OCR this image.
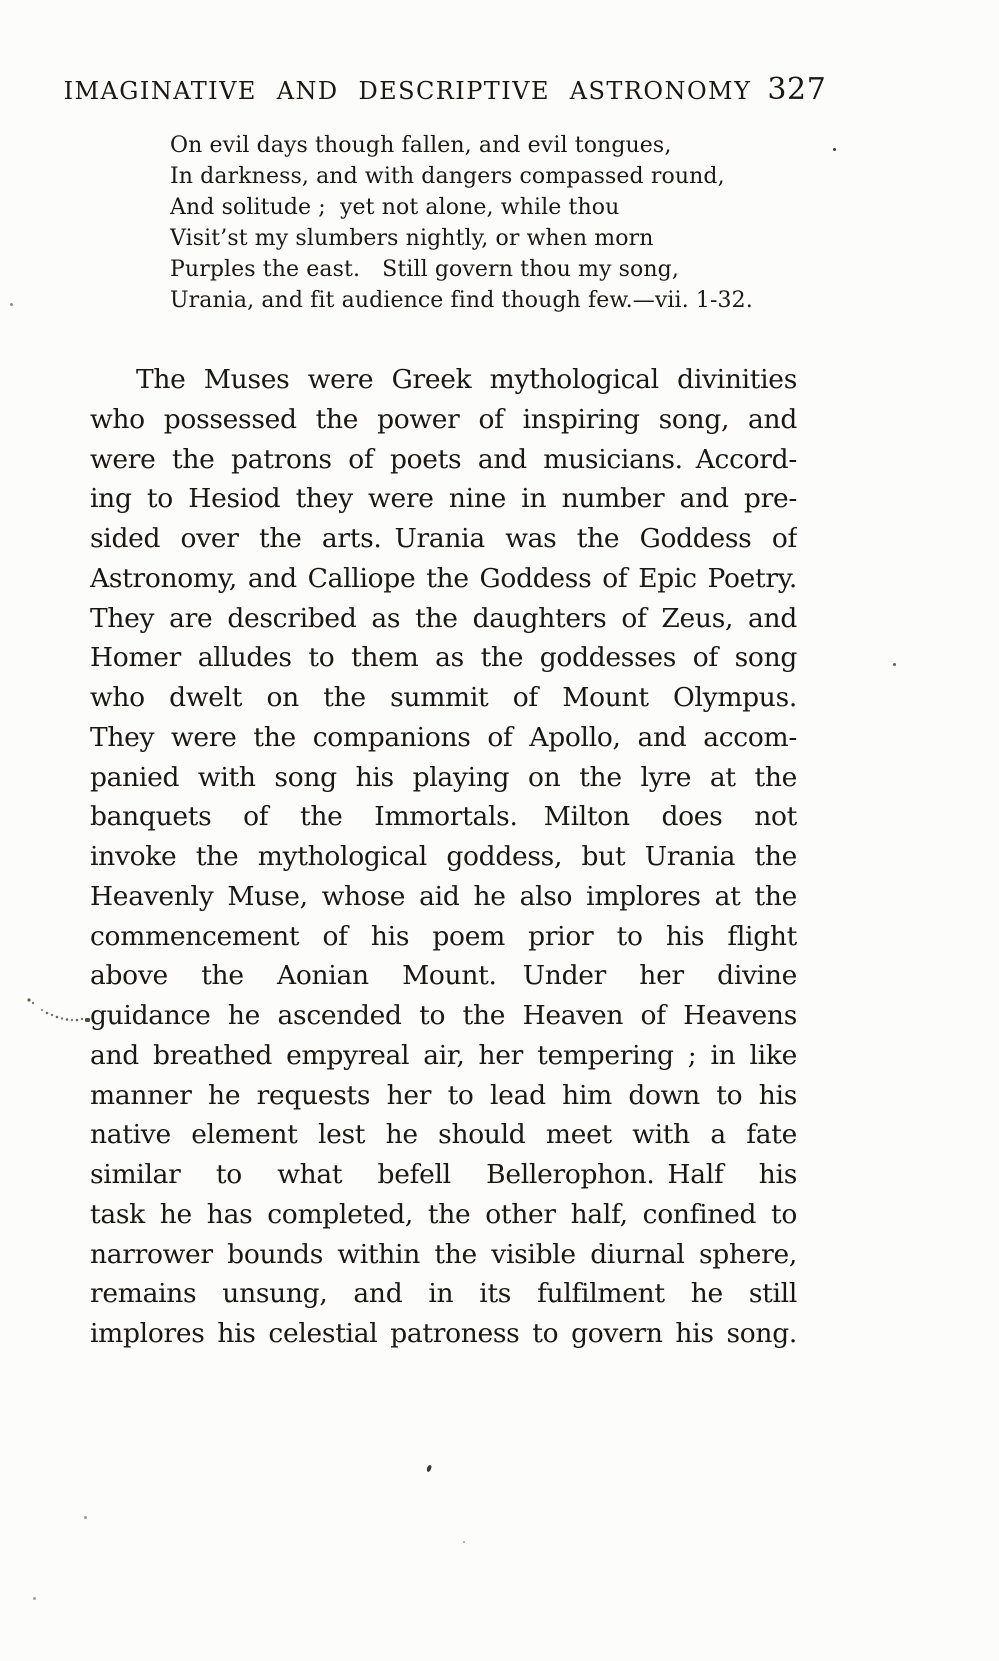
IMAGINATIVE AND DESCRIPTIVE ASTRONOMY 327
On evil days though fallen, and evil tongues,
In darkness, and with dangers compassed round,
And solitude ;  yet not alone, while thou
Visit’st my slumbers nightly, or when morn
Purples the east. Still govern thou my song,
Urania, and fit audience find though few.—vii. 1-32.
The Muses were Greek mythological divinities
who possessed the power of inspiring song, and
were the patrons of poets and musicians. Accord-
ing to Hesiod they were nine in number and pre-
sided over the arts. Urania was the Goddess of
Astronomy, and Calliope the Goddess of Epic Poetry.
They are described as the daughters of Zeus, and
Homer alludes to them as the goddesses of song
who dwelt on the summit of Mount Olympus.
They were the companions of Apollo, and accom-
panied with song his playing on the lyre at the
banquets of the Immortals. Milton does not
invoke the mythological goddess, but Urania the
Heavenly Muse, whose aid he also implores at the
commencement of his poem prior to his flight
above the Aonian Mount. Under her divine
guidance he ascended to the Heaven of Heavens
and breathed empyreal air, her tempering ; in like
manner he requests her to lead him down to his
native element lest he should meet with a fate
similar to what befell Bellerophon. Half his
task he has completed, the other half, confined to
narrower bounds within the visible diurnal sphere,
remains unsung, and in its fulfilment he still
implores his celestial patroness to govern his song.
